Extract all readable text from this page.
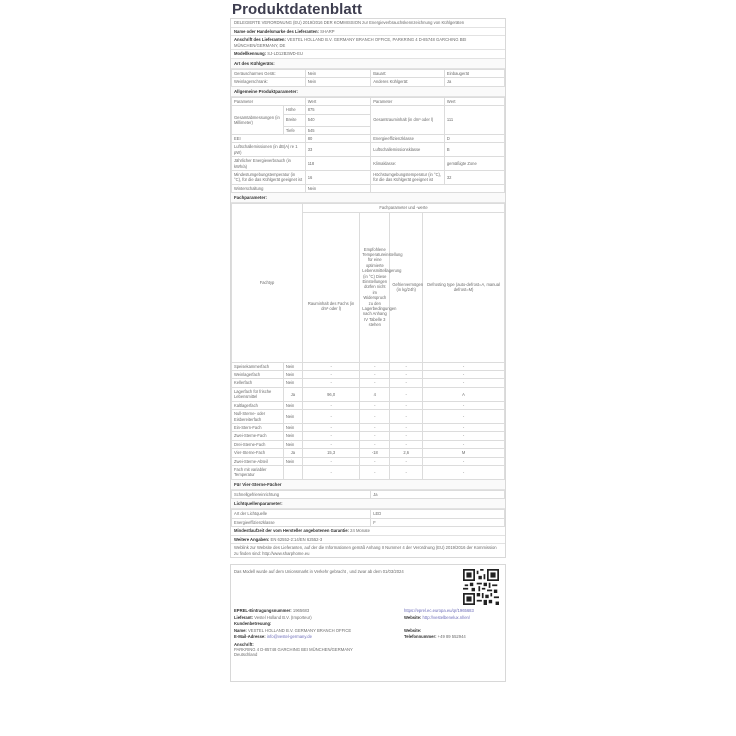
Produktdatenblatt
DELEGIERTE VERORDNUNG (EU) 2019/2016 DER KOMMISSION zur Energieverbrauchskennzeichnung von Kühlgeräten
Name oder Handelsmarke des Lieferanten: SHARP
Anschrift des Lieferanten: VESTEL HOLLAND B.V. GERMANY BRANCH OFFICE, PARKRING 4 D-85748 GARCHING BEI MÜNCHEN/GERMANY, DE
Modellkennung: SJ-LD12B3WD-EU
Art des Kühlgeräts:
Geräuscharmes Gerät:	Nein	Bauart:	Einbaugerät
Weinlagerschrank:	Nein	Anderes Kühlgerät:	Ja
Allgemeine Produktparameter:
Parameter		Wert	Parameter	Wert
Gesamtabmessungen (in Millimeter)	Höhe	875	Gesamtrauminhalt (in dm³ oder l)	111
	Breite	540		
	Tiefe	545		
EEI		80	Energieeffizienzklasse	D
Luftschallemissionen (in dB(A) re 1 pW)		33	Luftschallemissionsklasse	B
Jährlicher Energieverbrauch (in kWh/a)		118	Klimaklasse:	gemäßigte Zone
Mindestumgebungstemperatur (in °C), für die das Kühlgerät geeignet ist		16	Höchstumgebungstemperatur (in °C), für die das Kühlgerät geeignet ist	32
Winterschaltung		Nein		
Fachparameter:
Fachtyp		Fachparameter und -werte			
		Rauminhalt des Fachs (in dm³ oder l)	Empfohlene Temperatureinstellung für eine optimierte Lebensmittellagerung (in °C) Diese Einstellungen dürfen nicht im Widerspruch zu den Lagerbedingungen nach Anhang IV Tabelle 3 stehen	Gefriervermögen (in kg/24h)	Defrosting type (auto-defrost=A, manual defrost=M)
Speisekammerfach	Nein	-	-	-	-
Weinlagerfach	Nein	-	-	-	-
Kellerfach	Nein	-	-	-	-
Lagerfach für frische Lebensmittel	Ja	96,0	4	-	A
Kaltlagerfach	Nein	-	-	-	-
Null-Sterne- oder Eisbereiterfach	Nein	-	-	-	-
Ein-Stern-Fach	Nein	-	-	-	-
Zwei-Sterne-Fach	Nein	-	-	-	-
Drei-Sterne-Fach	Nein	-	-	-	-
Vier-Sterne-Fach	Ja	15,3	-18	2,6	M
Zwei-Sterne-Abteil	Nein	-	-	-	-
Fach mit variabler Temperatur		-	-	-	-
Für Vier-Sterne-Fächer
Schnellgefriereinrichtung	Ja
Lichtquellenparameter:
Art der Lichtquelle	LED
Energieeffizienzklasse	F
Mindestlaufzeit der vom Hersteller angebotenen Garantie: 24 Monate
Weitere Angaben: EN 62552-2:14/EN 62552-3
Weblink zur Website des Lieferanten, auf der die Informationen gemäß Anhang II Nummer 4 der Verordnung (EU) 2019/2016 der Kommission zu finden sind: http://www.sharphome.eu
Das Modell wurde auf dem Unionsmarkt in Verkehr gebracht , und zwar ab dem 01/03/2024
EPREL-Eintragungsnummer: 1965683	https://eprel.ec.europa.eu/qr/1965683
Lieferant: Vestel Holland B.V. (Importeur)	Website: http://vestelbenelux.nl/en/
Kundenbetreuung:
Name: VESTEL HOLLAND B.V. GERMANY BRANCH OFFICE	Website:
E-Mail-Adresse: info@vestel-germany.de	Telefonnummer: +49 89 552944
Anschrift:
PARKRING 4 D-85748 GARCHING BEI MÜNCHEN/GERMANY
Deutschland
